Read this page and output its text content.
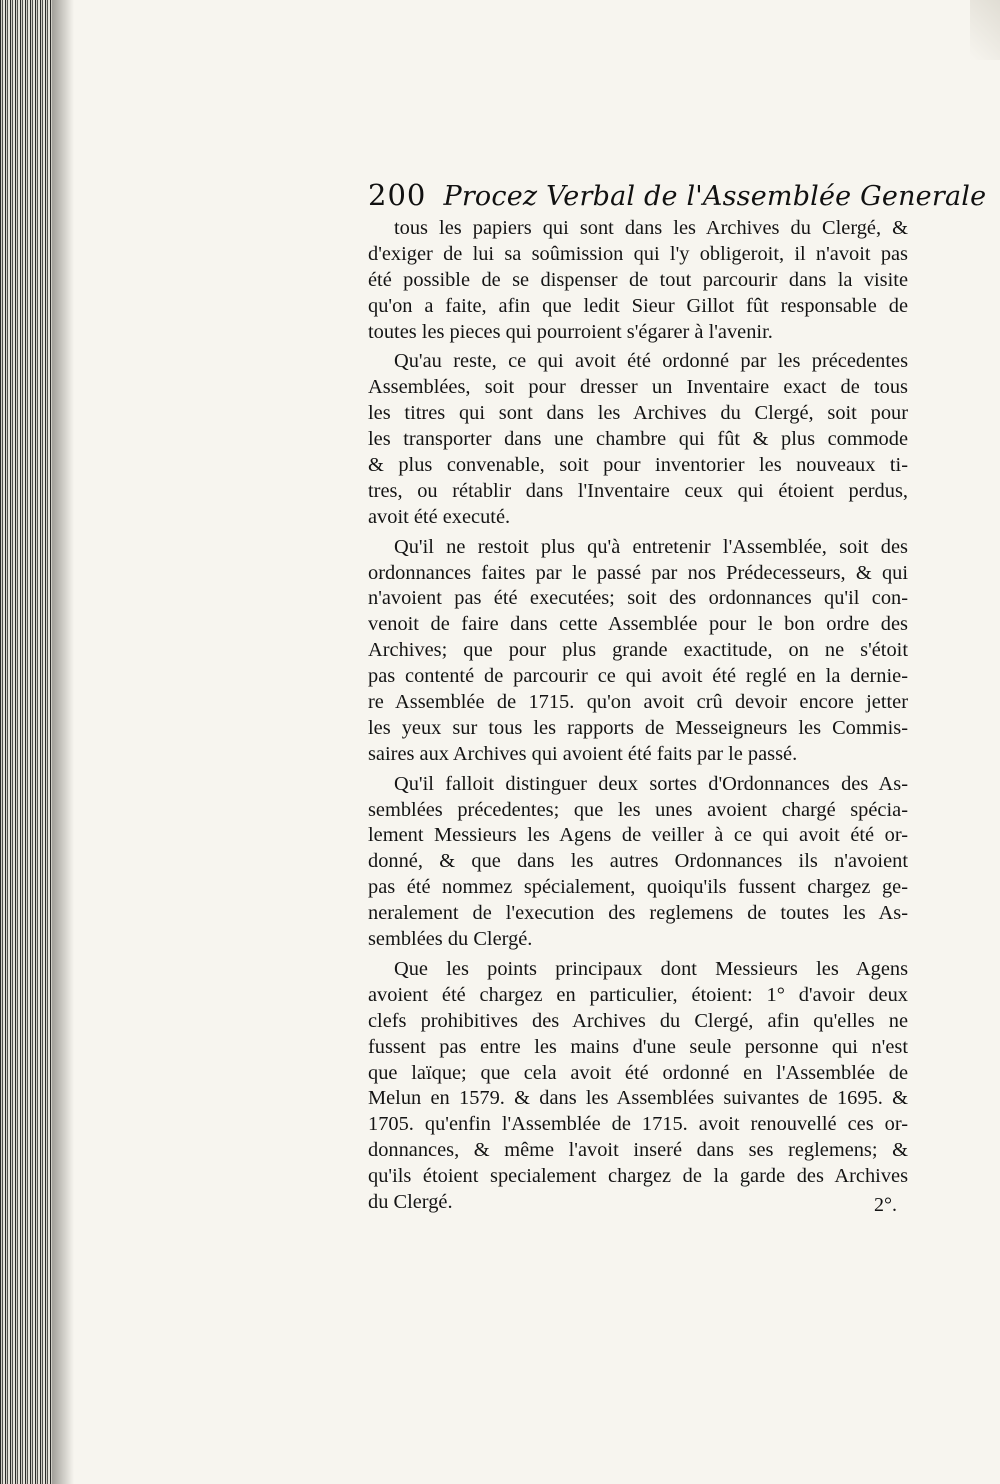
200 Procez Verbal de l'Assemblée Generale
tous les papiers qui sont dans les Archives du Clergé, &
d'exiger de lui sa soûmission qui l'y obligeroit, il n'avoit pas
été possible de se dispenser de tout parcourir dans la visite
qu'on a faite, afin que ledit Sieur Gillot fût responsable de
toutes les pieces qui pourroient s'égarer à l'avenir.
Qu'au reste, ce qui avoit été ordonné par les précedentes
Assemblées, soit pour dresser un Inventaire exact de tous
les titres qui sont dans les Archives du Clergé, soit pour
les transporter dans une chambre qui fût & plus commode
& plus convenable, soit pour inventorier les nouveaux ti-
tres, ou rétablir dans l'Inventaire ceux qui étoient perdus,
avoit été executé.
Qu'il ne restoit plus qu'à entretenir l'Assemblée, soit des
ordonnances faites par le passé par nos Prédecesseurs, & qui
n'avoient pas été executées; soit des ordonnances qu'il con-
venoit de faire dans cette Assemblée pour le bon ordre des
Archives; que pour plus grande exactitude, on ne s'étoit
pas contenté de parcourir ce qui avoit été reglé en la dernie-
re Assemblée de 1715. qu'on avoit crû devoir encore jetter
les yeux sur tous les rapports de Messeigneurs les Commis-
saires aux Archives qui avoient été faits par le passé.
Qu'il falloit distinguer deux sortes d'Ordonnances des As-
semblées précedentes; que les unes avoient chargé spécia-
lement Messieurs les Agens de veiller à ce qui avoit été or-
donné, & que dans les autres Ordonnances ils n'avoient
pas été nommez spécialement, quoiqu'ils fussent chargez ge-
neralement de l'execution des reglemens de toutes les As-
semblées du Clergé.
Que les points principaux dont Messieurs les Agens
avoient été chargez en particulier, étoient: 1° d'avoir deux
clefs prohibitives des Archives du Clergé, afin qu'elles ne
fussent pas entre les mains d'une seule personne qui n'est
que laïque; que cela avoit été ordonné en l'Assemblée de
Melun en 1579. & dans les Assemblées suivantes de 1695. &
1705. qu'enfin l'Assemblée de 1715. avoit renouvellé ces or-
donnances, & même l'avoit inseré dans ses reglemens; &
qu'ils étoient specialement chargez de la garde des Archives
du Clergé.	2°.
